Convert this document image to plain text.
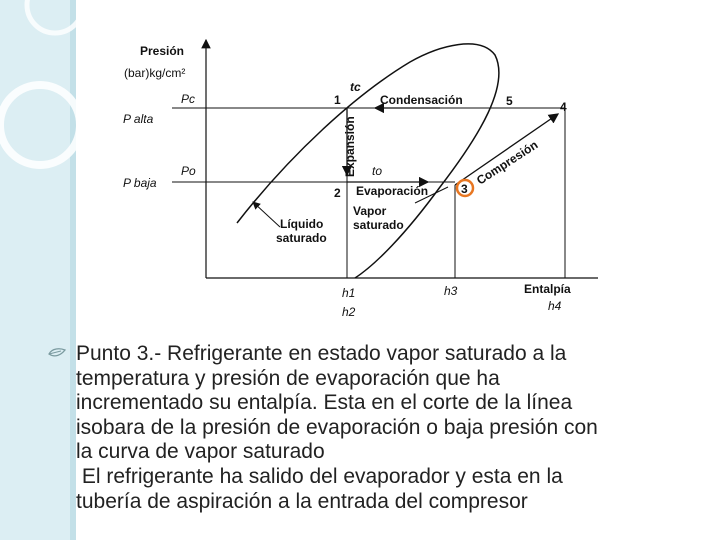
Presión
(bar)kg/cm²
Entalpía
Pc
P alta
Po
P baja
tc
to
1
2	3
4
5
Condensación
Expansión
Evaporación
Compresión
Líquido
saturado
Vapor
saturado
h1
h2
h3
h4

Punto 3.- Refrigerante en estado vapor saturado a la

temperatura y presión de evaporación que ha

incrementado su entalpía. Esta en el corte de la línea

isobara de la presión de evaporación o baja presión con

la curva de vapor saturado

El refrigerante ha salido del evaporador y esta en la

tubería de aspiración a la entrada del compresor
